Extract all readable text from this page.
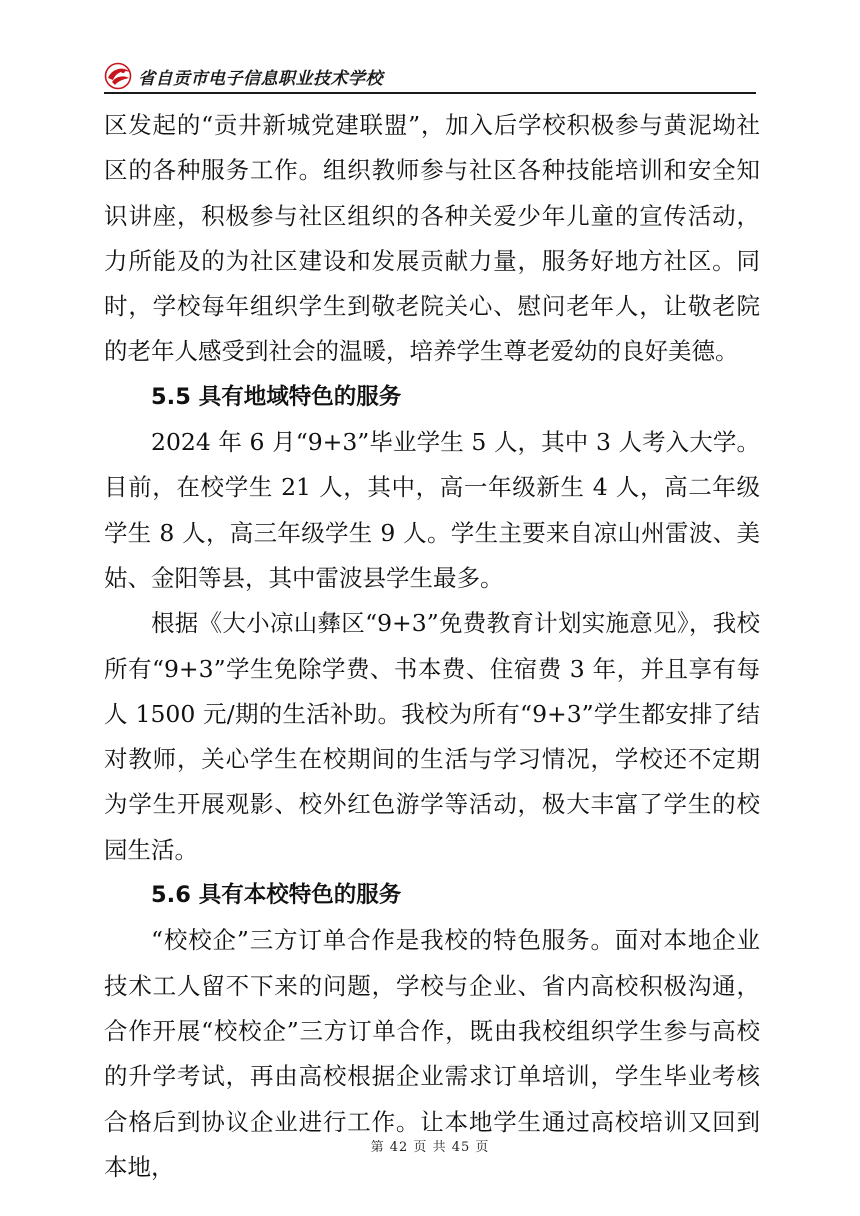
省自贡市电子信息职业技术学校

区发起的“贡井新城党建联盟”，加入后学校积极参与黄泥坳社区的各种服务工作。组织教师参与社区各种技能培训和安全知识讲座，积极参与社区组织的各种关爱少年儿童的宣传活动，力所能及的为社区建设和发展贡献力量，服务好地方社区。同时，学校每年组织学生到敬老院关心、慰问老年人，让敬老院的老年人感受到社会的温暖，培养学生尊老爱幼的良好美德。

5.5 具有地域特色的服务

2024 年 6 月“9+3”毕业学生 5 人，其中 3 人考入大学。目前，在校学生 21 人，其中，高一年级新生 4 人，高二年级学生 8 人，高三年级学生 9 人。学生主要来自凉山州雷波、美姑、金阳等县，其中雷波县学生最多。

根据《大小凉山彝区“9+3”免费教育计划实施意见》，我校所有“9+3”学生免除学费、书本费、住宿费 3 年，并且享有每人 1500 元/期的生活补助。我校为所有“9+3”学生都安排了结对教师，关心学生在校期间的生活与学习情况，学校还不定期为学生开展观影、校外红色游学等活动，极大丰富了学生的校园生活。

5.6 具有本校特色的服务

“校校企”三方订单合作是我校的特色服务。面对本地企业技术工人留不下来的问题，学校与企业、省内高校积极沟通，合作开展“校校企”三方订单合作，既由我校组织学生参与高校的升学考试，再由高校根据企业需求订单培训，学生毕业考核合格后到协议企业进行工作。让本地学生通过高校培训又回到本地，

第 42 页 共 45 页
